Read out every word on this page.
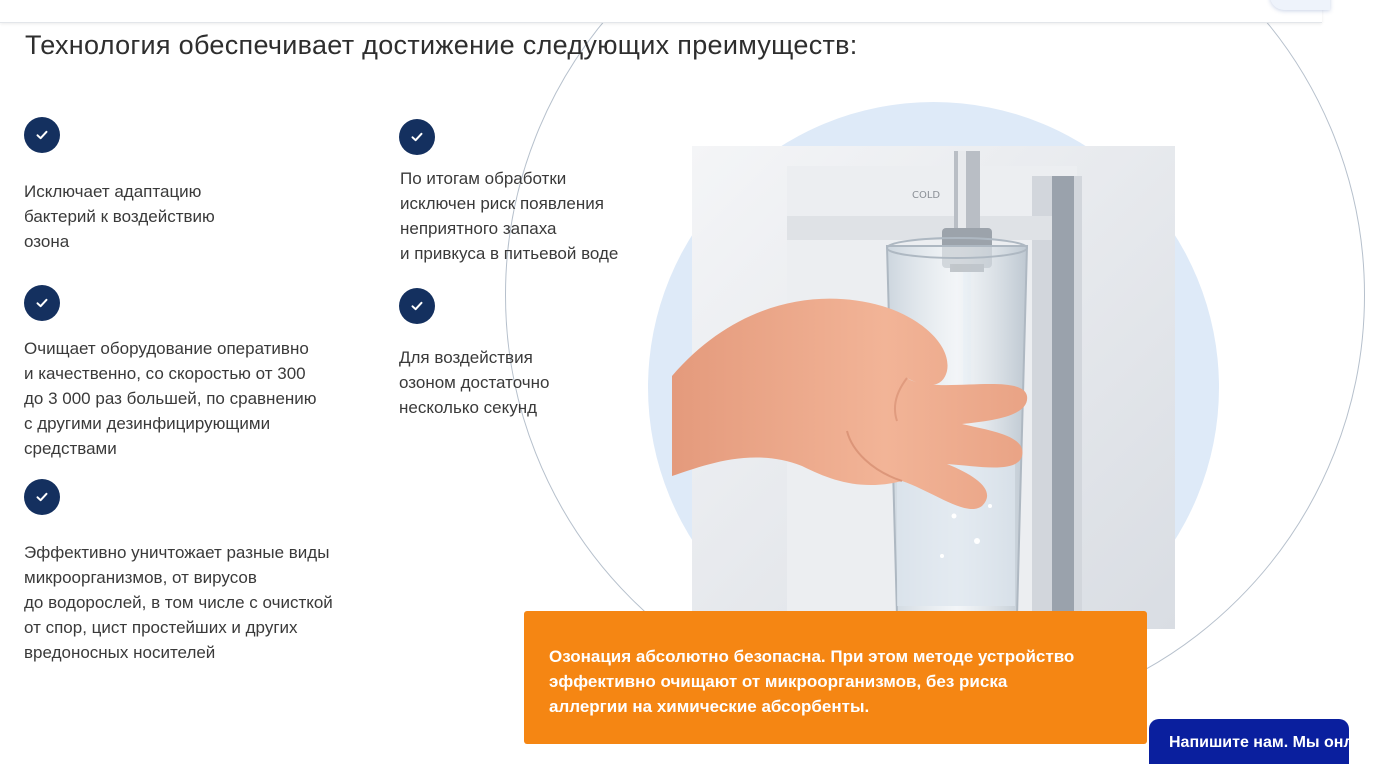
Технология обеспечивает достижение следующих преимуществ:

Исключает адаптацию
бактерий к воздействию
озона

По итогам обработки
исключен риск появления
неприятного запаха
и привкуса в питьевой воде

Очищает оборудование оперативно
и качественно, со скоростью от 300
до 3 000 раз большей, по сравнению
с другими дезинфицирующими
средствами

Для воздействия
озоном достаточно
несколько секунд

Эффективно уничтожает разные виды
микроорганизмов, от вирусов
до водорослей, в том числе с очисткой
от спор, цист простейших и других
вредоносных носителей

COLD

Озонация абсолютно безопасна. При этом методе устройство
эффективно очищают от микроорганизмов, без риска
аллергии на химические абсорбенты.

Напишите нам. Мы онлайн!
